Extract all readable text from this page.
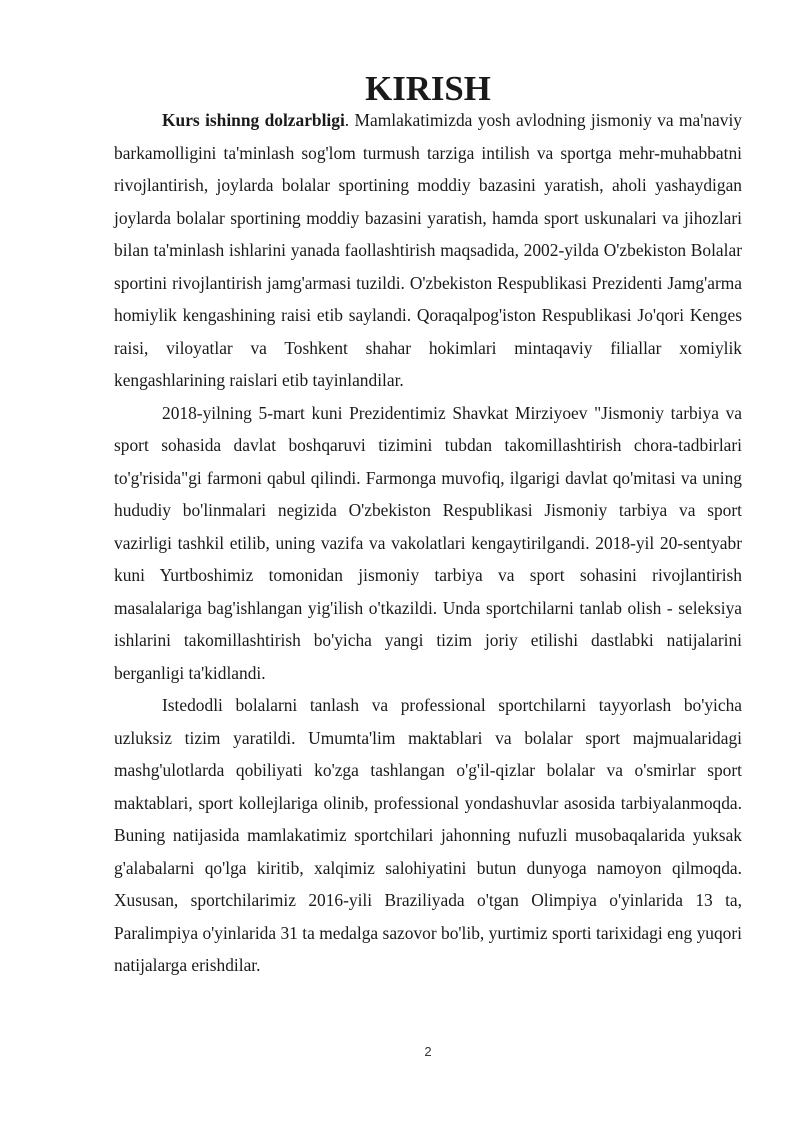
KIRISH

Kurs ishinng dolzarbligi. Mamlakatimizda yosh avlodning jismoniy va ma'naviy barkamolligini ta'minlash sog'lom turmush tarziga intilish va sportga mehr-muhabbatni rivojlantirish, joylarda bolalar sportining moddiy bazasini yaratish, aholi yashaydigan joylarda bolalar sportining moddiy bazasini yaratish, hamda sport uskunalari va jihozlari bilan ta'minlash ishlarini yanada faollashtirish maqsadida, 2002-yilda O'zbekiston Bolalar sportini rivojlantirish jamg'armasi tuzildi. O'zbekiston Respublikasi Prezidenti Jamg'arma homiylik kengashining raisi etib saylandi. Qoraqalpog'iston Respublikasi Jo'qori Kenges raisi, viloyatlar va Toshkent shahar hokimlari mintaqaviy filiallar xomiylik kengashlarining raislari etib tayinlandilar.

2018-yilning 5-mart kuni Prezidentimiz Shavkat Mirziyoev "Jismoniy tarbiya va sport sohasida davlat boshqaruvi tizimini tubdan takomillashtirish chora-tadbirlari to'g'risida"gi farmoni qabul qilindi. Farmonga muvofiq, ilgarigi davlat qo'mitasi va uning hududiy bo'linmalari negizida O'zbekiston Respublikasi Jismoniy tarbiya va sport vazirligi tashkil etilib, uning vazifa va vakolatlari kengaytirilgandi. 2018-yil 20-sentyabr kuni Yurtboshimiz tomonidan jismoniy tarbiya va sport sohasini rivojlantirish masalalariga bag'ishlangan yig'ilish o'tkazildi. Unda sportchilarni tanlab olish - seleksiya ishlarini takomillashtirish bo'yicha yangi tizim joriy etilishi dastlabki natijalarini berganligi ta'kidlandi.

Istedodli bolalarni tanlash va professional sportchilarni tayyorlash bo'yicha uzluksiz tizim yaratildi. Umumta'lim maktablari va bolalar sport majmualaridagi mashg'ulotlarda qobiliyati ko'zga tashlangan o'g'il-qizlar bolalar va o'smirlar sport maktablari, sport kollejlariga olinib, professional yondashuvlar asosida tarbiyalanmoqda. Buning natijasida mamlakatimiz sportchilari jahonning nufuzli musobaqalarida yuksak g'alabalarni qo'lga kiritib, xalqimiz salohiyatini butun dunyoga namoyon qilmoqda. Xususan, sportchilarimiz 2016-yili Braziliyada o'tgan Olimpiya o'yinlarida 13 ta, Paralimpiya o'yinlarida 31 ta medalga sazovor bo'lib, yurtimiz sporti tarixidagi eng yuqori natijalarga erishdilar.

2
